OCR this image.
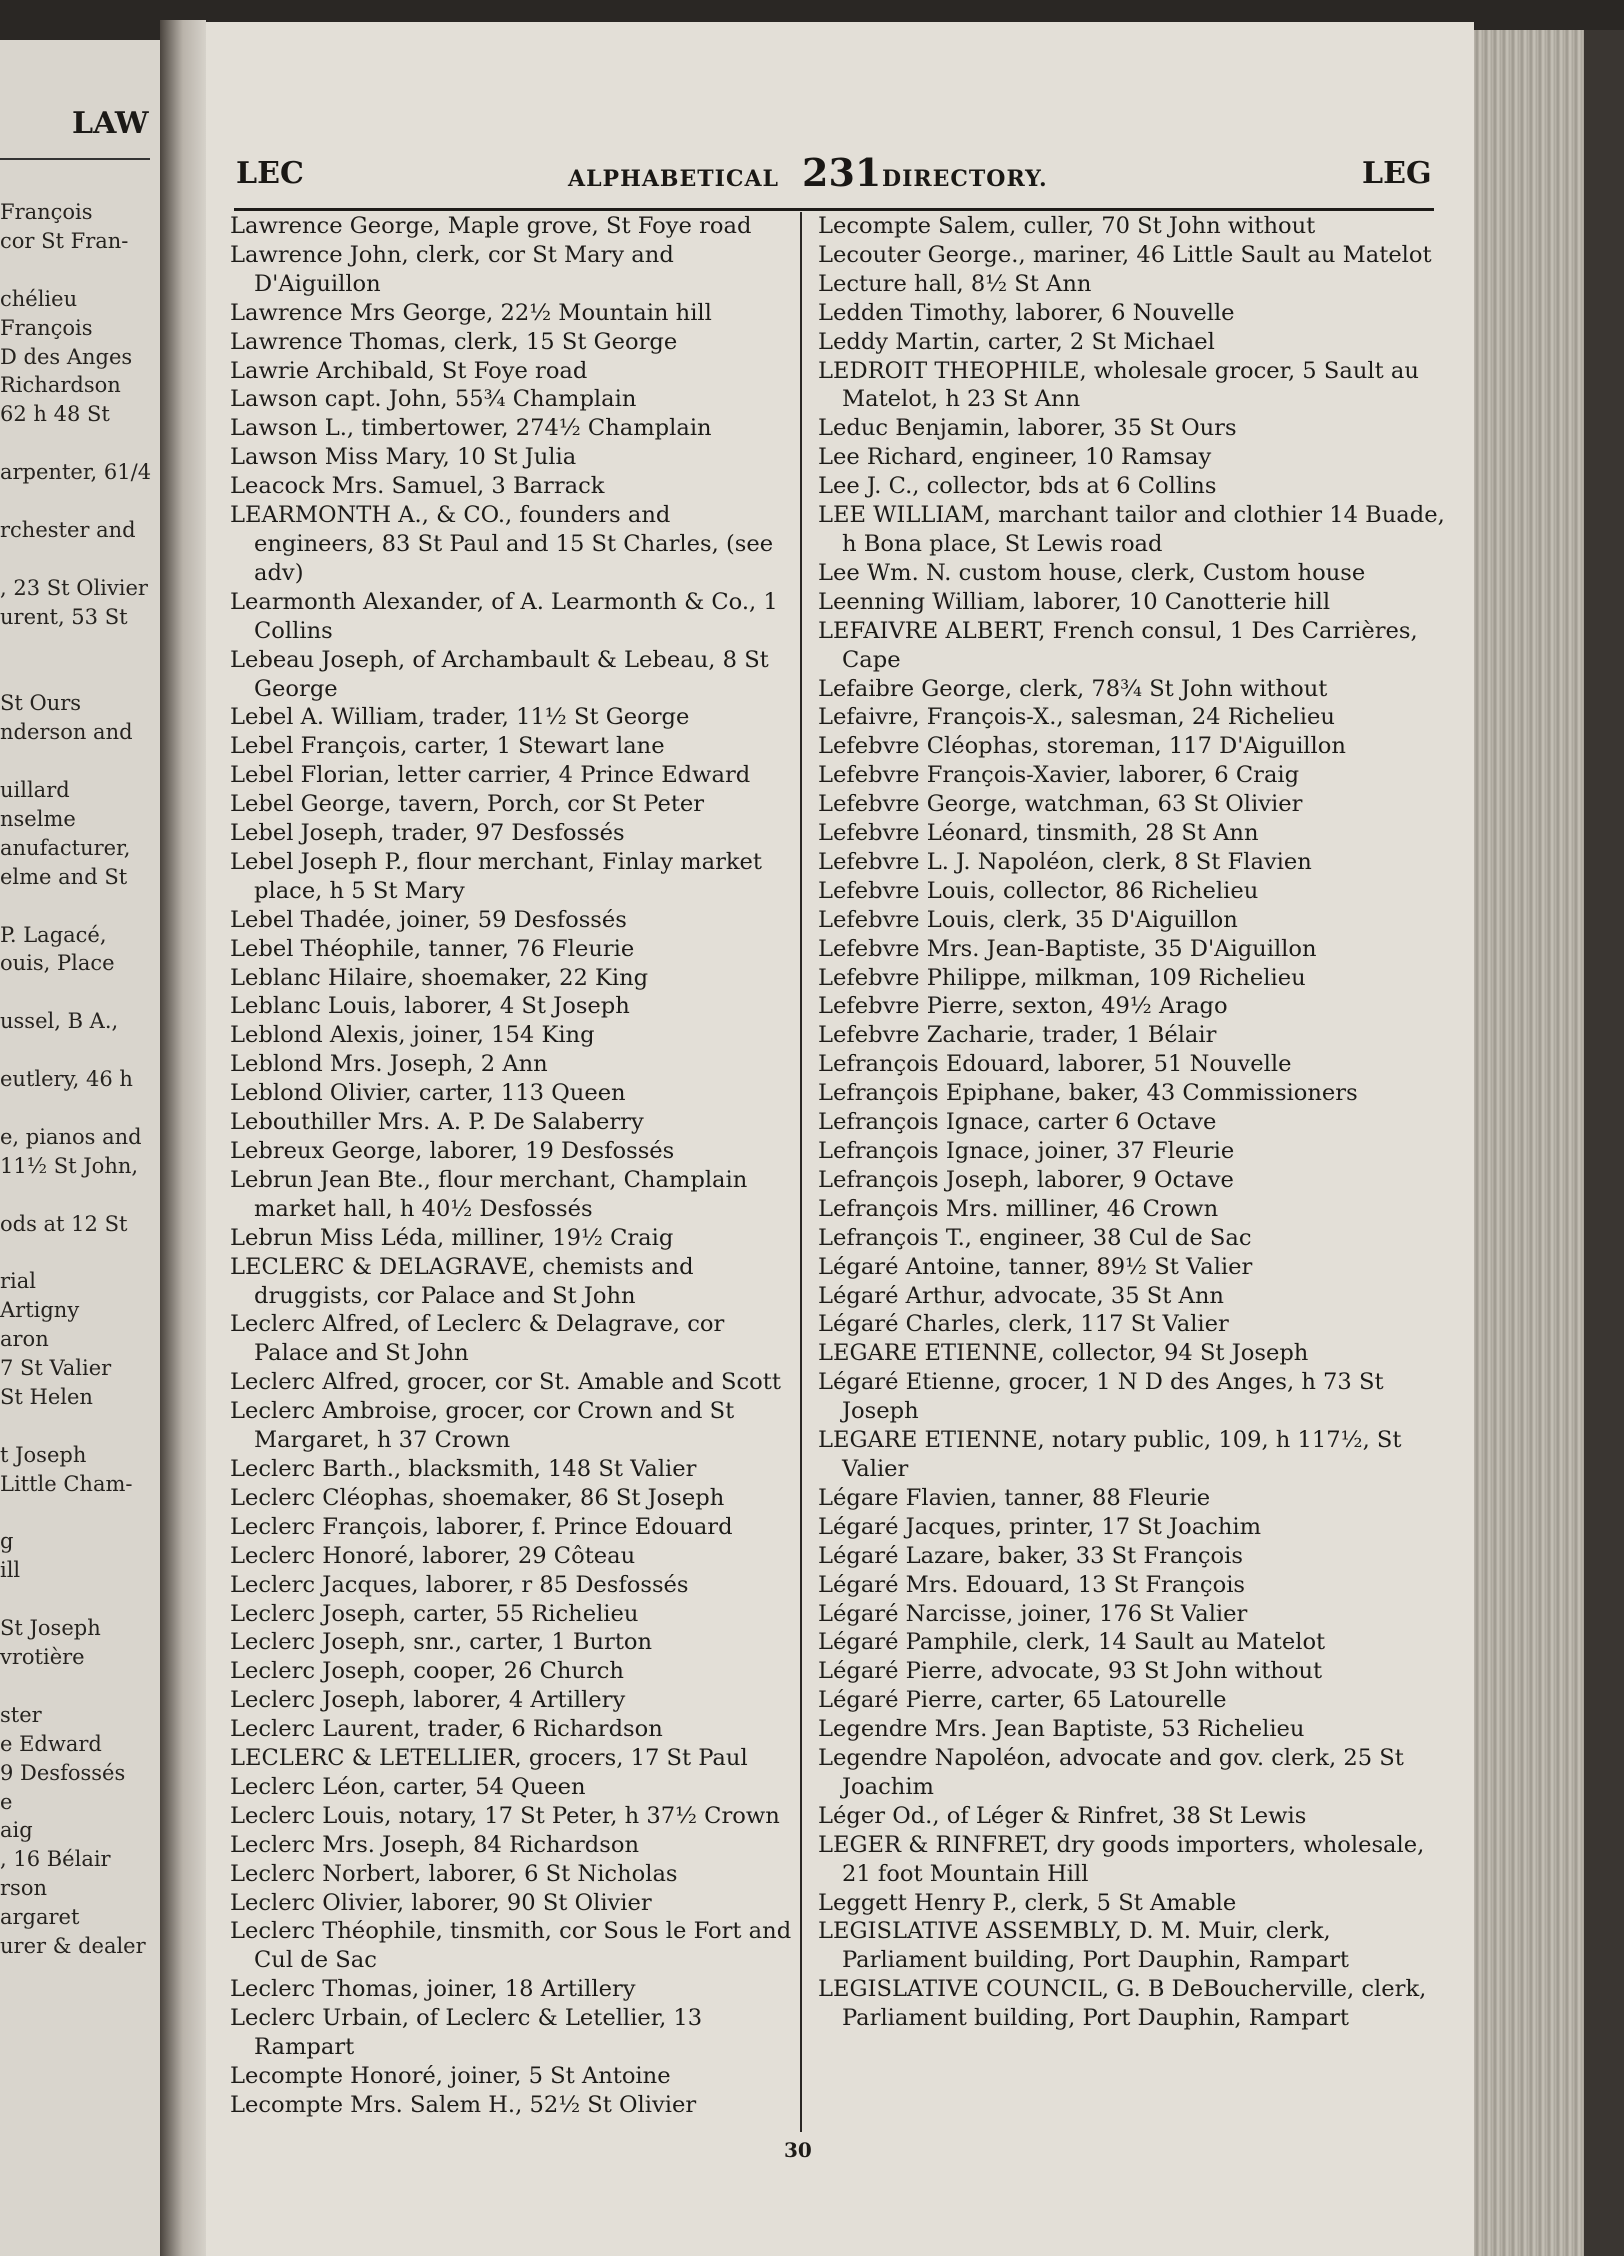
LAW
François
cor St Fran-
chélieu
François
D des Anges
Richardson
62 h 48 St
arpenter, 61/4
rchester and
, 23 St Olivier
urent, 53 St
St Ours
nderson and
uillard
nselme
anufacturer,
elme and St
P. Lagacé,
ouis, Place
ussel, B A.,
eutlery, 46 h
e, pianos and
11½ St John,
ods at 12 St
rial
Artigny
aron
7 St Valier
St Helen
t Joseph
Little Cham-
g
ill
St Joseph
vrotière
ster
e Edward
9 Desfossés
e
aig
, 16 Bélair
rson
argaret
urer & dealer
LEC	ALPHABETICAL 231 DIRECTORY.	LEG
Lawrence George, Maple grove, St Foye road
Lawrence John, clerk, cor St Mary and D'Aiguillon
Lawrence Mrs George, 22½ Mountain hill
Lawrence Thomas, clerk, 15 St George
Lawrie Archibald, St Foye road
Lawson capt. John, 55¾ Champlain
Lawson L., timbertower, 274½ Champlain
Lawson Miss Mary, 10 St Julia
Leacock Mrs. Samuel, 3 Barrack
LEARMONTH A., & CO., founders and engineers, 83 St Paul and 15 St Charles, (see adv)
Learmonth Alexander, of A. Learmonth & Co., 1 Collins
Lebeau Joseph, of Archambault & Lebeau, 8 St George
Lebel A. William, trader, 11½ St George
Lebel François, carter, 1 Stewart lane
Lebel Florian, letter carrier, 4 Prince Edward
Lebel George, tavern, Porch, cor St Peter
Lebel Joseph, trader, 97 Desfossés
Lebel Joseph P., flour merchant, Finlay market place, h 5 St Mary
Lebel Thadée, joiner, 59 Desfossés
Lebel Théophile, tanner, 76 Fleurie
Leblanc Hilaire, shoemaker, 22 King
Leblanc Louis, laborer, 4 St Joseph
Leblond Alexis, joiner, 154 King
Leblond Mrs. Joseph, 2 Ann
Leblond Olivier, carter, 113 Queen
Lebouthiller Mrs. A. P. De Salaberry
Lebreux George, laborer, 19 Desfossés
Lebrun Jean Bte., flour merchant, Champlain market hall, h 40½ Desfossés
Lebrun Miss Léda, milliner, 19½ Craig
LECLERC & DELAGRAVE, chemists and druggists, cor Palace and St John
Leclerc Alfred, of Leclerc & Delagrave, cor Palace and St John
Leclerc Alfred, grocer, cor St. Amable and Scott
Leclerc Ambroise, grocer, cor Crown and St Margaret, h 37 Crown
Leclerc Barth., blacksmith, 148 St Valier
Leclerc Cléophas, shoemaker, 86 St Joseph
Leclerc François, laborer, f. Prince Edouard
Leclerc Honoré, laborer, 29 Côteau
Leclerc Jacques, laborer, r 85 Desfossés
Leclerc Joseph, carter, 55 Richelieu
Leclerc Joseph, snr., carter, 1 Burton
Leclerc Joseph, cooper, 26 Church
Leclerc Joseph, laborer, 4 Artillery
Leclerc Laurent, trader, 6 Richardson
LECLERC & LETELLIER, grocers, 17 St Paul
Leclerc Léon, carter, 54 Queen
Leclerc Louis, notary, 17 St Peter, h 37½ Crown
Leclerc Mrs. Joseph, 84 Richardson
Leclerc Norbert, laborer, 6 St Nicholas
Leclerc Olivier, laborer, 90 St Olivier
Leclerc Théophile, tinsmith, cor Sous le Fort and Cul de Sac
Leclerc Thomas, joiner, 18 Artillery
Leclerc Urbain, of Leclerc & Letellier, 13 Rampart
Lecompte Honoré, joiner, 5 St Antoine
Lecompte Mrs. Salem H., 52½ St Olivier
Lecompte Salem, culler, 70 St John without
Lecouter George., mariner, 46 Little Sault au Matelot
Lecture hall, 8½ St Ann
Ledden Timothy, laborer, 6 Nouvelle
Leddy Martin, carter, 2 St Michael
LEDROIT THEOPHILE, wholesale grocer, 5 Sault au Matelot, h 23 St Ann
Leduc Benjamin, laborer, 35 St Ours
Lee Richard, engineer, 10 Ramsay
Lee J. C., collector, bds at 6 Collins
LEE WILLIAM, marchant tailor and clothier 14 Buade, h Bona place, St Lewis road
Lee Wm. N. custom house, clerk, Custom house
Leenning William, laborer, 10 Canotterie hill
LEFAIVRE ALBERT, French consul, 1 Des Carrières, Cape
Lefaibre George, clerk, 78¾ St John without
Lefaivre, François-X., salesman, 24 Richelieu
Lefebvre Cléophas, storeman, 117 D'Aiguillon
Lefebvre François-Xavier, laborer, 6 Craig
Lefebvre George, watchman, 63 St Olivier
Lefebvre Léonard, tinsmith, 28 St Ann
Lefebvre L. J. Napoléon, clerk, 8 St Flavien
Lefebvre Louis, collector, 86 Richelieu
Lefebvre Louis, clerk, 35 D'Aiguillon
Lefebvre Mrs. Jean-Baptiste, 35 D'Aiguillon
Lefebvre Philippe, milkman, 109 Richelieu
Lefebvre Pierre, sexton, 49½ Arago
Lefebvre Zacharie, trader, 1 Bélair
Lefrançois Edouard, laborer, 51 Nouvelle
Lefrançois Epiphane, baker, 43 Commissioners
Lefrançois Ignace, carter 6 Octave
Lefrançois Ignace, joiner, 37 Fleurie
Lefrançois Joseph, laborer, 9 Octave
Lefrançois Mrs. milliner, 46 Crown
Lefrançois T., engineer, 38 Cul de Sac
Légaré Antoine, tanner, 89½ St Valier
Légaré Arthur, advocate, 35 St Ann
Légaré Charles, clerk, 117 St Valier
LEGARE ETIENNE, collector, 94 St Joseph
Légaré Etienne, grocer, 1 N D des Anges, h 73 St Joseph
LEGARE ETIENNE, notary public, 109, h 117½, St Valier
Légare Flavien, tanner, 88 Fleurie
Légaré Jacques, printer, 17 St Joachim
Légaré Lazare, baker, 33 St François
Légaré Mrs. Edouard, 13 St François
Légaré Narcisse, joiner, 176 St Valier
Légaré Pamphile, clerk, 14 Sault au Matelot
Légaré Pierre, advocate, 93 St John without
Légaré Pierre, carter, 65 Latourelle
Legendre Mrs. Jean Baptiste, 53 Richelieu
Legendre Napoléon, advocate and gov. clerk, 25 St Joachim
Léger Od., of Léger & Rinfret, 38 St Lewis
LEGER & RINFRET, dry goods importers, wholesale, 21 foot Mountain Hill
Leggett Henry P., clerk, 5 St Amable
LEGISLATIVE ASSEMBLY, D. M. Muir, clerk, Parliament building, Port Dauphin, Rampart
LEGISLATIVE COUNCIL, G. B DeBoucherville, clerk, Parliament building, Port Dauphin, Rampart
30
